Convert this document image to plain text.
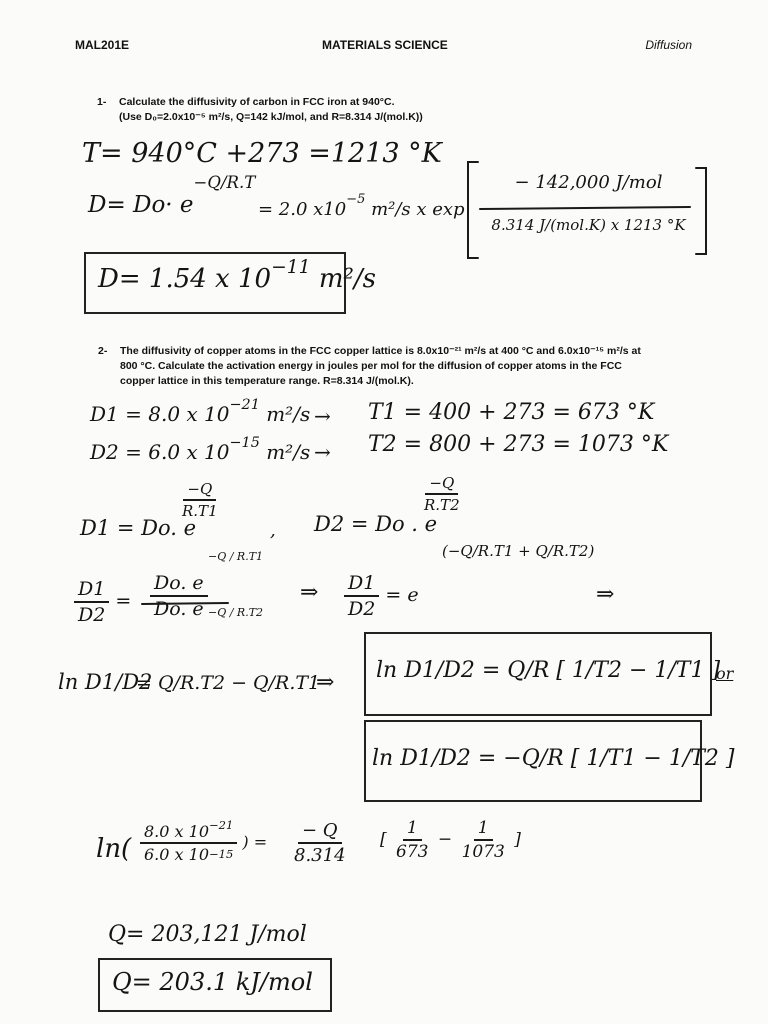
MAL201E	MATERIALS SCIENCE	Diffusion
1- Calculate the diffusivity of carbon in FCC iron at 940°C.
(Use D₀=2.0x10⁻⁵ m²/s, Q=142 kJ/mol, and R=8.314 J/(mol.K))
T= 940°C +273 =1213 °K
$D= Do\cdot e^{-Q/R.T}$
= 2.0 $x10^{-5}$ m²/s x exp
− 142,000 J/mol
8.314 J/(mol.K) x 1213 °K
D= 1.54 x $10^{-11}$ m²/s
2- The diffusivity of copper atoms in the FCC copper lattice is 8.0x10⁻²¹ m²/s at 400 °C and 6.0x10⁻¹⁵ m²/s at
800 °C. Calculate the activation energy in joules per mol for the diffusion of copper atoms in the FCC
copper lattice in this temperature range. R=8.314 J/(mol.K).
D1 = 8.0 x $10^{-21}$ m²/s → T1 = 400 + 273 = 673 °K
D2 = 6.0 x $10^{-15}$ m²/s → T2 = 800 + 273 = 1073 °K
$\frac{-Q}{R.T1}$
D1 = Do. e	,
$\frac{-Q}{R.T2}$
D2 = Do . e
$\frac{D1}{D2} = \frac{Do. e}{Do. e}$
−Q / R.T1
−Q / R.T2
⇒ $\frac{D1}{D2} = e$
(−Q/R.T1 + Q/R.T2)
⇒
ln D1/D2
= Q/R.T2 − Q/R.T1
⇒ ln D1/D2 = Q/R [ 1/T2 − 1/T1 ]
or
ln D1/D2 = −Q/R [ 1/T1 − 1/T2 ]
$\ln( \frac{8.0 x 10^{-21}}{6.0 x 10-15}$ ) = $\frac{- Q}{8.314}$ [ $\frac{1}{673} - \frac{1}{1073}$ ]
Q= 203,121 J/mol
Q= 203.1 kJ/mol
